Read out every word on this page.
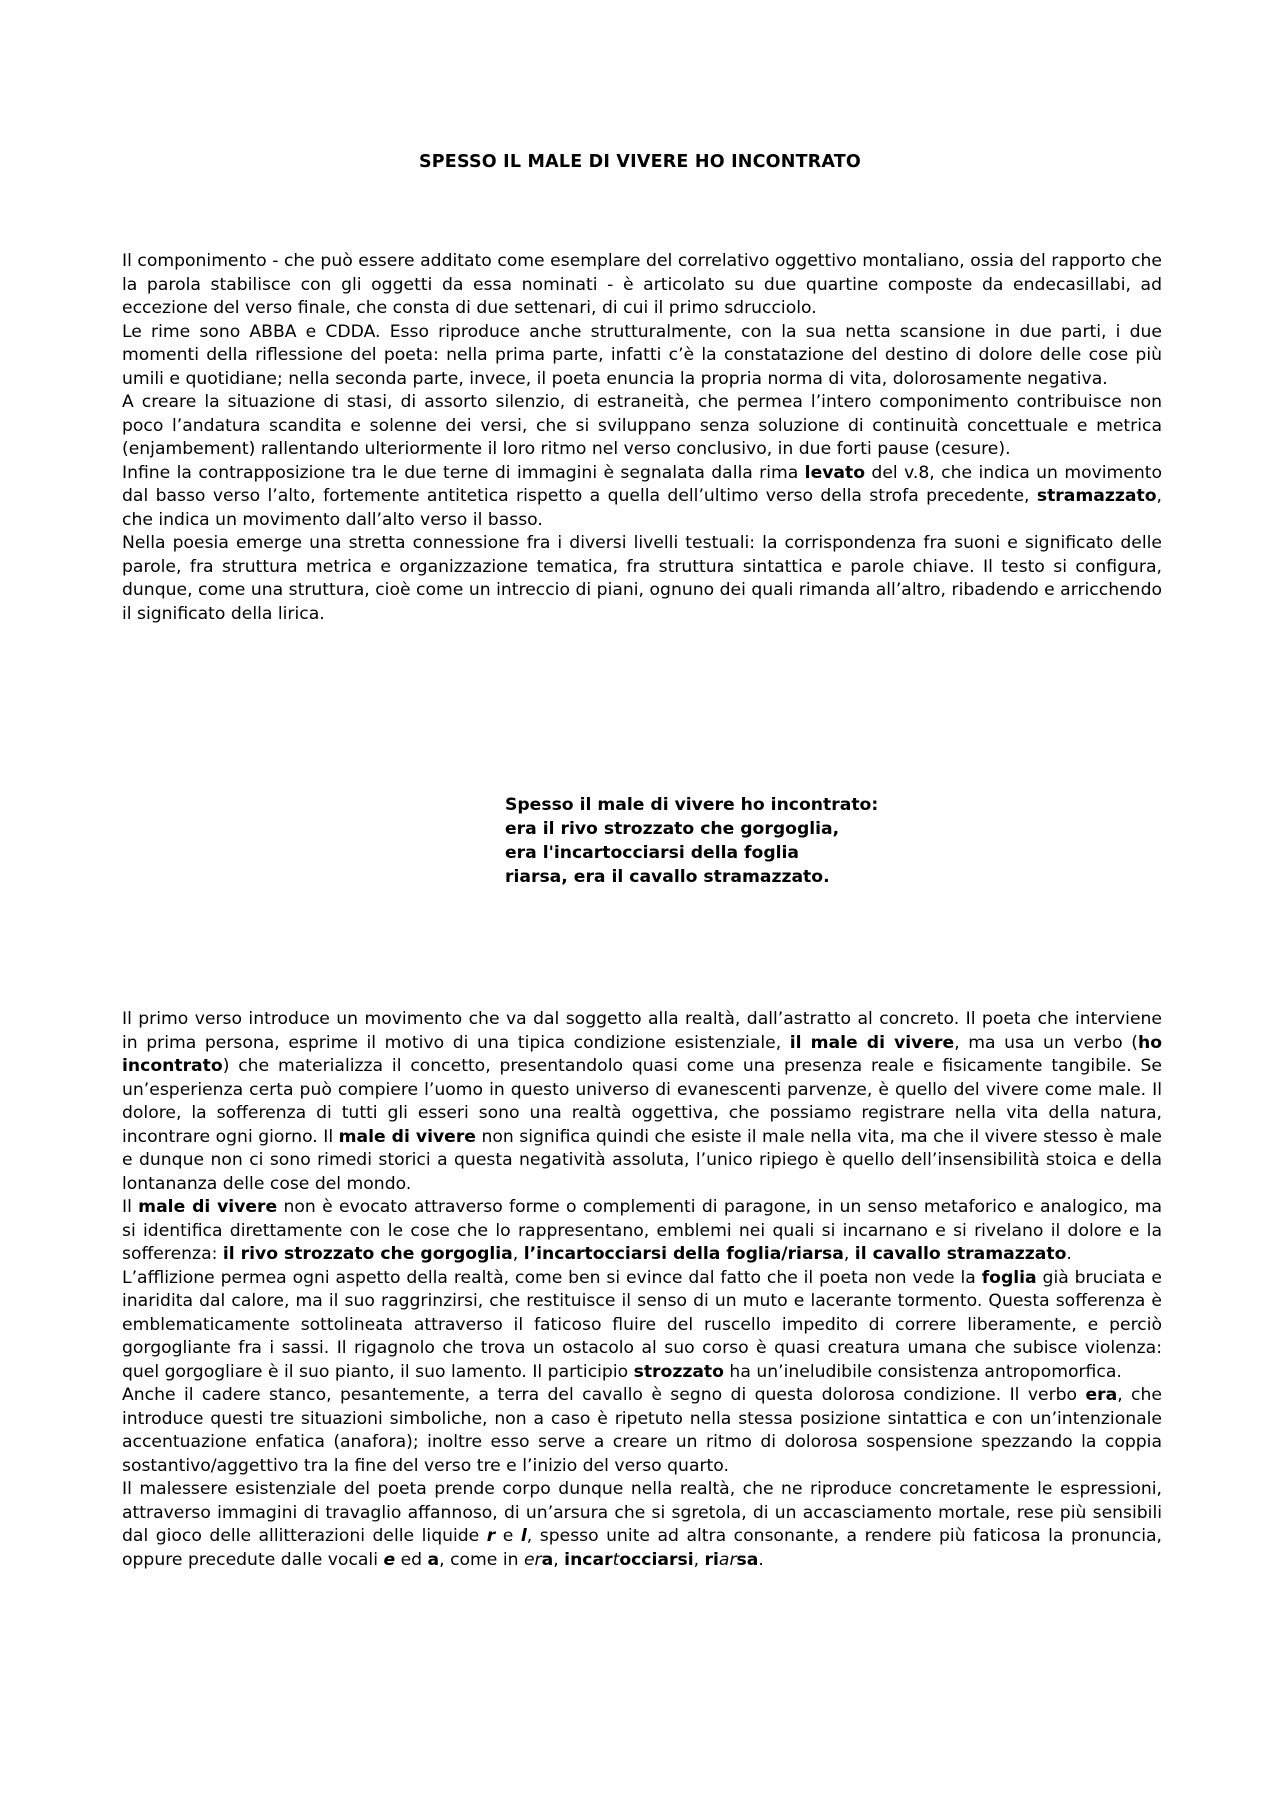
SPESSO IL MALE DI VIVERE HO INCONTRATO

Il componimento - che può essere additato come esemplare del correlativo oggettivo montaliano, ossia del rapporto che la parola stabilisce con gli oggetti da essa nominati - è articolato su due quartine composte da endecasillabi, ad eccezione del verso finale, che consta di due settenari, di cui il primo sdrucciolo.

Le rime sono ABBA e CDDA. Esso riproduce anche strutturalmente, con la sua netta scansione in due parti, i due momenti della riflessione del poeta: nella prima parte, infatti c’è la constatazione del destino di dolore delle cose più umili e quotidiane; nella seconda parte, invece, il poeta enuncia la propria norma di vita, dolorosamente negativa.

A creare la situazione di stasi, di assorto silenzio, di estraneità, che permea l’intero componimento contribuisce non poco l’andatura scandita e solenne dei versi, che si sviluppano senza soluzione di continuità concettuale e metrica (enjambement) rallentando ulteriormente il loro ritmo nel verso conclusivo, in due forti pause (cesure).

Infine la contrapposizione tra le due terne di immagini è segnalata dalla rima levato del v.8, che indica un movimento dal basso verso l’alto, fortemente antitetica rispetto a quella dell’ultimo verso della strofa precedente, stramazzato, che indica un movimento dall’alto verso il basso.

Nella poesia emerge una stretta connessione fra i diversi livelli testuali: la corrispondenza fra suoni e significato delle parole, fra struttura metrica e organizzazione tematica, fra struttura sintattica e parole chiave. Il testo si configura, dunque, come una struttura, cioè come un intreccio di piani, ognuno dei quali rimanda all’altro, ribadendo e arricchendo il significato della lirica.

Spesso il male di vivere ho incontrato:
era il rivo strozzato che gorgoglia,
era l'incartocciarsi della foglia
riarsa, era il cavallo stramazzato.

Il primo verso introduce un movimento che va dal soggetto alla realtà, dall’astratto al concreto. Il poeta che interviene in prima persona, esprime il motivo di una tipica condizione esistenziale, il male di vivere, ma usa un verbo (ho incontrato) che materializza il concetto, presentandolo quasi come una presenza reale e fisicamente tangibile. Se un’esperienza certa può compiere l’uomo in questo universo di evanescenti parvenze, è quello del vivere come male. Il dolore, la sofferenza di tutti gli esseri sono una realtà oggettiva, che possiamo registrare nella vita della natura, incontrare ogni giorno. Il male di vivere non significa quindi che esiste il male nella vita, ma che il vivere stesso è male e dunque non ci sono rimedi storici a questa negatività assoluta, l’unico ripiego è quello dell’insensibilità stoica e della lontananza delle cose del mondo.

Il male di vivere non è evocato attraverso forme o complementi di paragone, in un senso metaforico e analogico, ma si identifica direttamente con le cose che lo rappresentano, emblemi nei quali si incarnano e si rivelano il dolore e la sofferenza: il rivo strozzato che gorgoglia, l’incartocciarsi della foglia/riarsa, il cavallo stramazzato.

L’afflizione permea ogni aspetto della realtà, come ben si evince dal fatto che il poeta non vede la foglia già bruciata e inaridita dal calore, ma il suo raggrinzirsi, che restituisce il senso di un muto e lacerante tormento. Questa sofferenza è emblematicamente sottolineata attraverso il faticoso fluire del ruscello impedito di correre liberamente, e perciò gorgogliante fra i sassi. Il rigagnolo che trova un ostacolo al suo corso è quasi creatura umana che subisce violenza: quel gorgogliare è il suo pianto, il suo lamento. Il participio strozzato ha un’ineludibile consistenza antropomorfica.

Anche il cadere stanco, pesantemente, a terra del cavallo è segno di questa dolorosa condizione. Il verbo era, che introduce questi tre situazioni simboliche, non a caso è ripetuto nella stessa posizione sintattica e con un’intenzionale accentuazione enfatica (anafora); inoltre esso serve a creare un ritmo di dolorosa sospensione spezzando la coppia sostantivo/aggettivo tra la fine del verso tre e l’inizio del verso quarto.

Il malessere esistenziale del poeta prende corpo dunque nella realtà, che ne riproduce concretamente le espressioni, attraverso immagini di travaglio affannoso, di un’arsura che si sgretola, di un accasciamento mortale, rese più sensibili dal gioco delle allitterazioni delle liquide r e l, spesso unite ad altra consonante, a rendere più faticosa la pronuncia, oppure precedute dalle vocali e ed a, come in era, incartocciarsi, riarsa.
